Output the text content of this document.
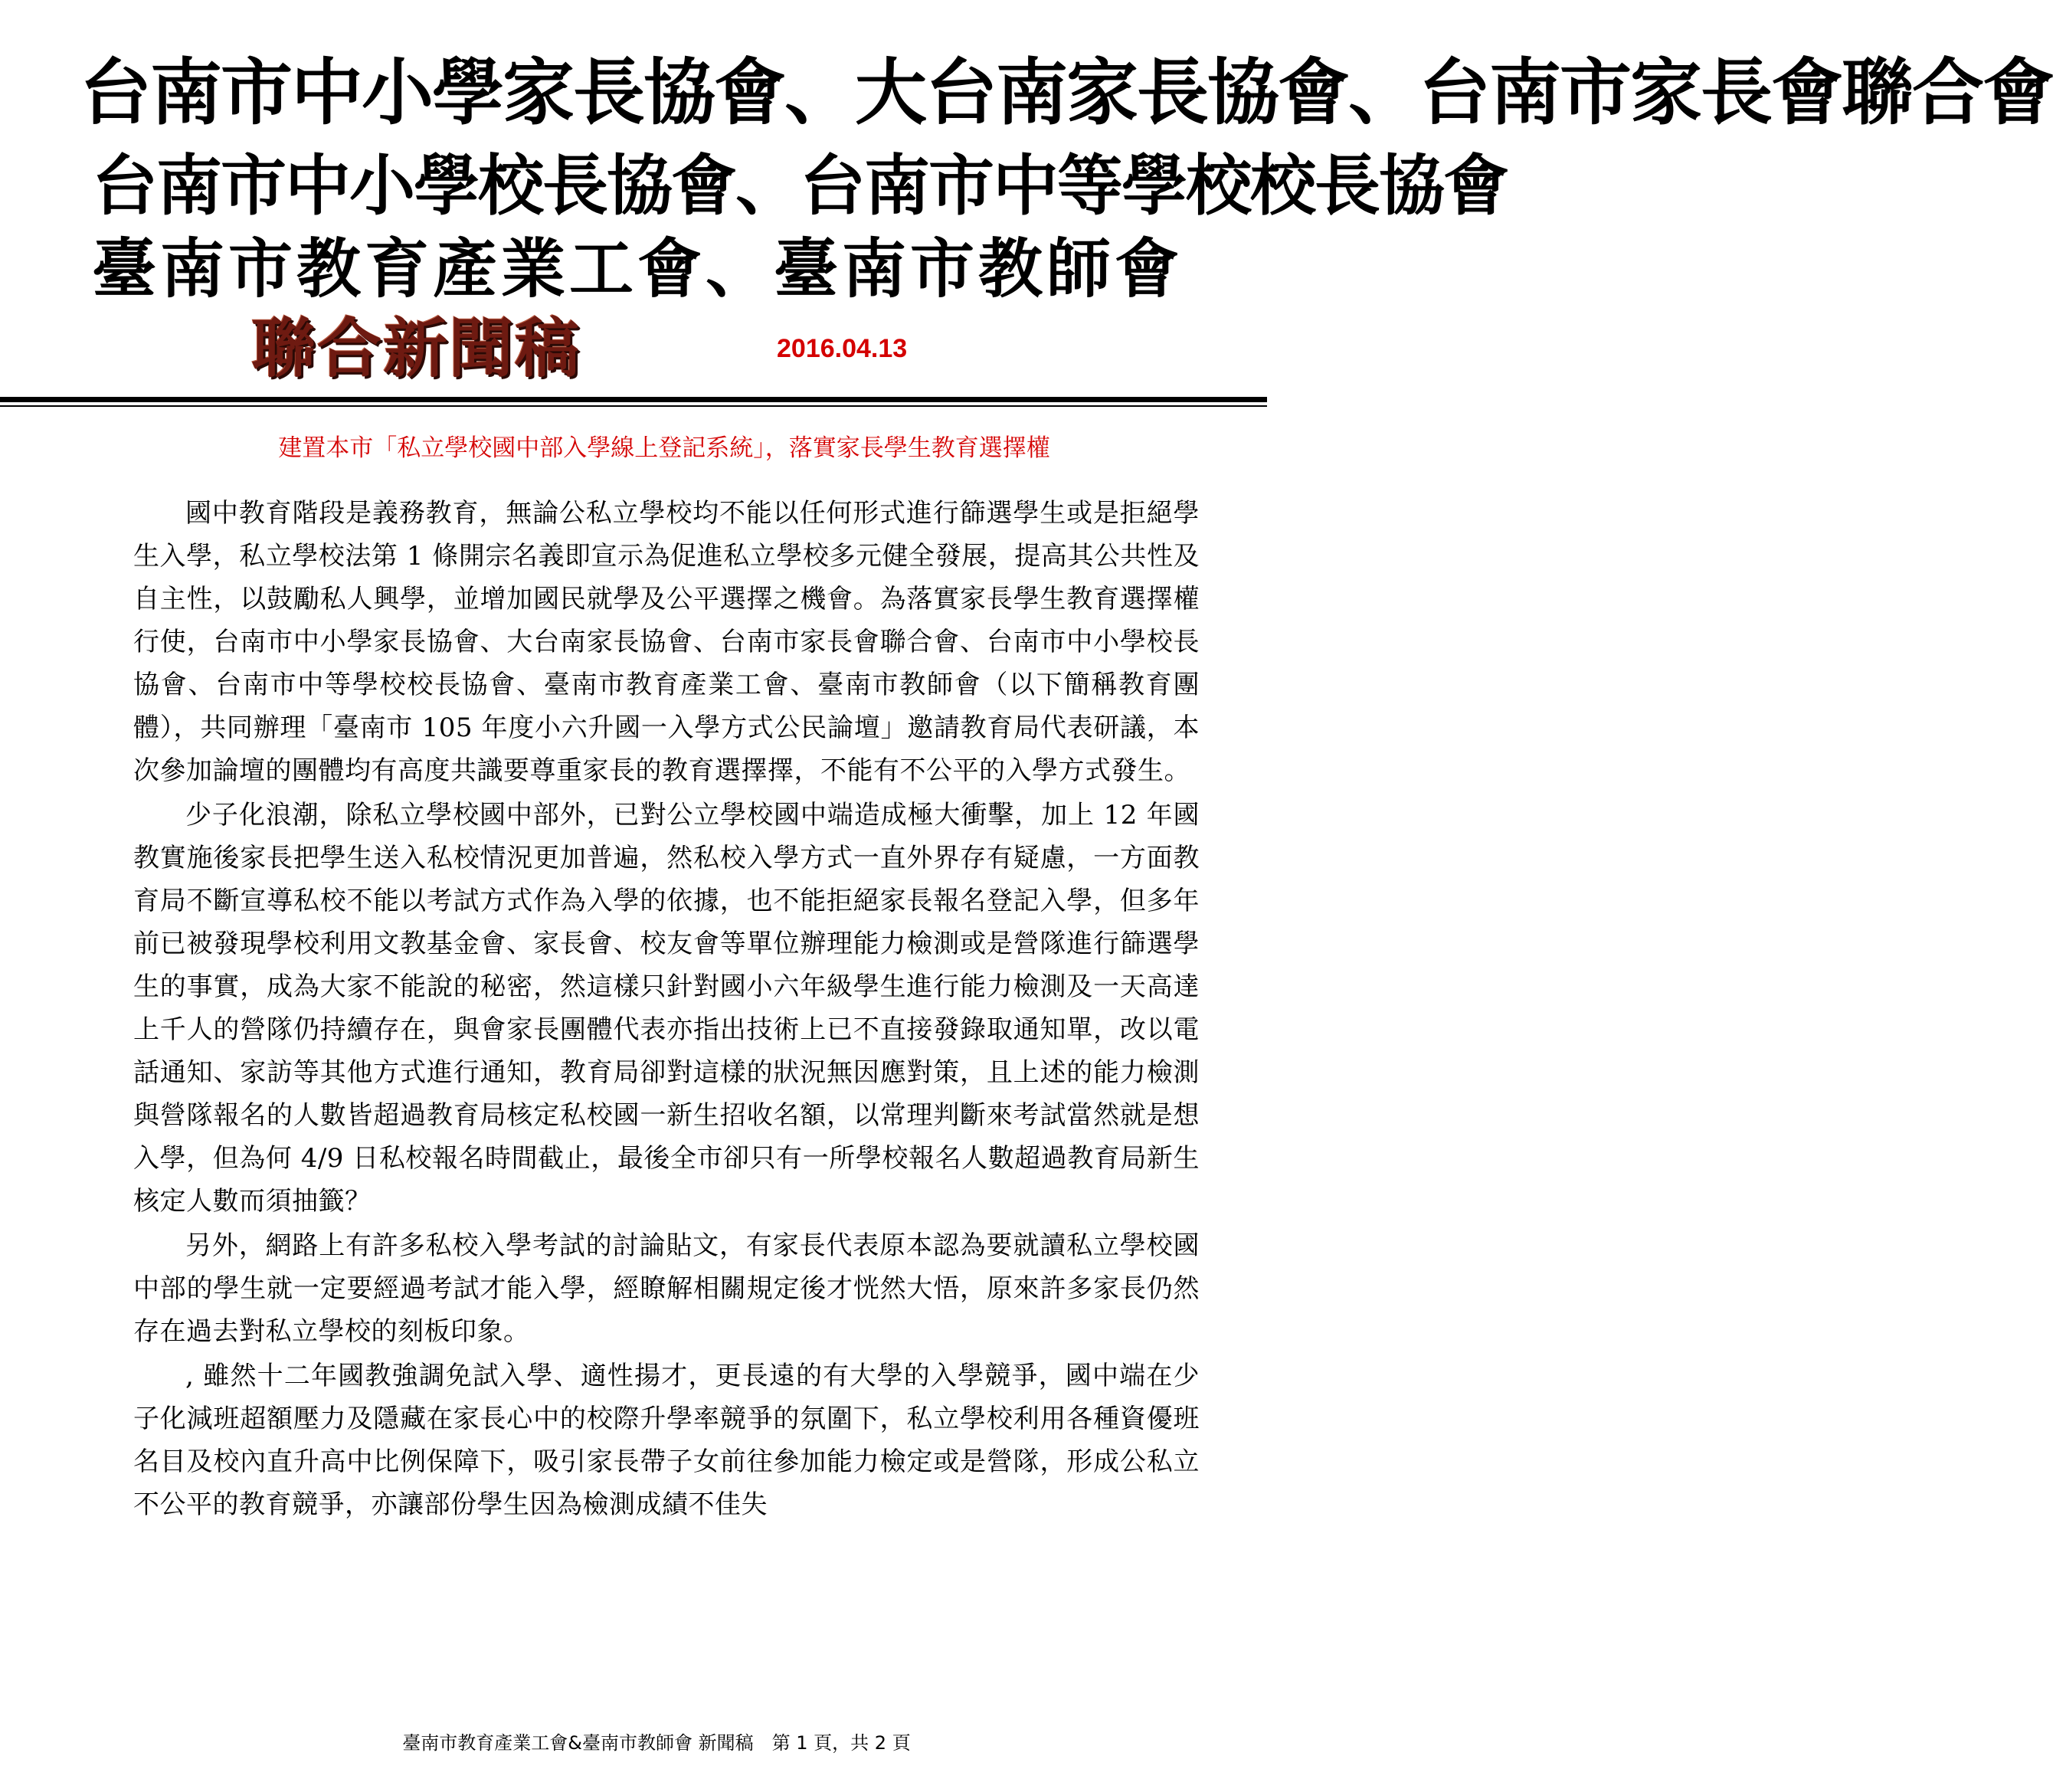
台南市中小學家長協會、大台南家長協會、台南市家長會聯合會
台南市中小學校長協會、台南市中等學校校長協會
臺南市教育產業工會、臺南市教師會
聯合新聞稿	2016.04.13
建置本市「私立學校國中部入學線上登記系統」，落實家長學生教育選擇權

國中教育階段是義務教育，無論公私立學校均不能以任何形式進行篩選學生或是拒絕學生入學，私立學校法第 1 條開宗名義即宣示為促進私立學校多元健全發展，提高其公共性及自主性，以鼓勵私人興學，並增加國民就學及公平選擇之機會。為落實家長學生教育選擇權行使，台南市中小學家長協會、大台南家長協會、台南市家長會聯合會、台南市中小學校長協會、台南市中等學校校長協會、臺南市教育產業工會、臺南市教師會（以下簡稱教育團體），共同辦理「臺南市 105 年度小六升國一入學方式公民論壇」邀請教育局代表研議，本次參加論壇的團體均有高度共識要尊重家長的教育選擇擇，不能有不公平的入學方式發生。

少子化浪潮，除私立學校國中部外，已對公立學校國中端造成極大衝擊，加上 12 年國教實施後家長把學生送入私校情況更加普遍，然私校入學方式一直外界存有疑慮，一方面教育局不斷宣導私校不能以考試方式作為入學的依據，也不能拒絕家長報名登記入學，但多年前已被發現學校利用文教基金會、家長會、校友會等單位辦理能力檢測或是營隊進行篩選學生的事實，成為大家不能說的秘密，然這樣只針對國小六年級學生進行能力檢測及一天高達上千人的營隊仍持續存在，與會家長團體代表亦指出技術上已不直接發錄取通知單，改以電話通知、家訪等其他方式進行通知，教育局卻對這樣的狀況無因應對策，且上述的能力檢測與營隊報名的人數皆超過教育局核定私校國一新生招收名額，以常理判斷來考試當然就是想入學，但為何 4/9 日私校報名時間截止，最後全市卻只有一所學校報名人數超過教育局新生核定人數而須抽籤？

另外，網路上有許多私校入學考試的討論貼文，有家長代表原本認為要就讀私立學校國中部的學生就一定要經過考試才能入學，經瞭解相關規定後才恍然大悟，原來許多家長仍然存在過去對私立學校的刻板印象。

, 雖然十二年國教強調免試入學、適性揚才，更長遠的有大學的入學競爭，國中端在少子化減班超額壓力及隱藏在家長心中的校際升學率競爭的氛圍下，私立學校利用各種資優班名目及校內直升高中比例保障下，吸引家長帶子女前往參加能力檢定或是營隊，形成公私立不公平的教育競爭，亦讓部份學生因為檢測成績不佳失

臺南市教育產業工會&臺南市教師會 新聞稿　第 1 頁，共 2 頁
